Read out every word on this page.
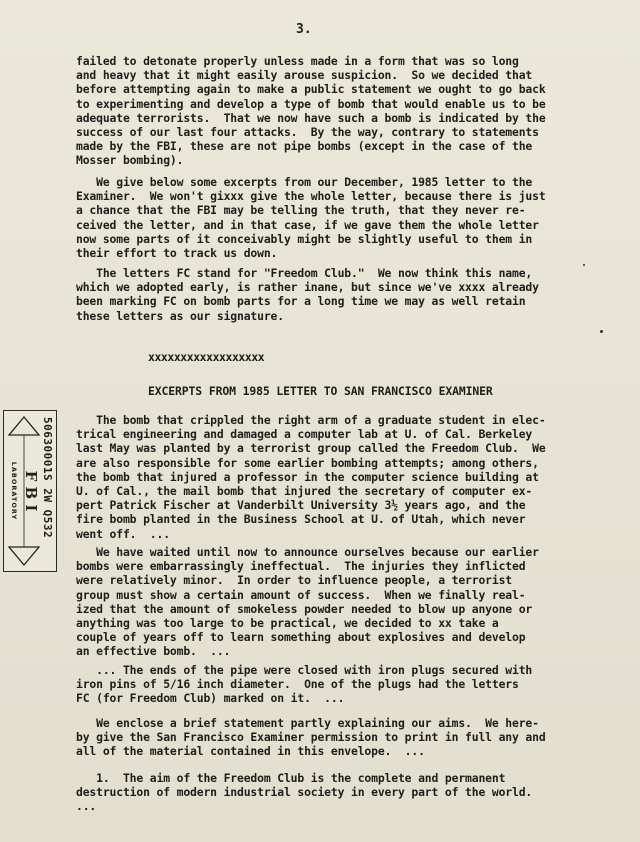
3.
failed to detonate properly unless made in a form that was so long
and heavy that it might easily arouse suspicion.  So we decided that
before attempting again to make a public statement we ought to go back
to experimenting and develop a type of bomb that would enable us to be
adequate terrorists.  That we now have such a bomb is indicated by the
success of our last four attacks.  By the way, contrary to statements
made by the FBI, these are not pipe bombs (except in the case of the
Mosser bombing).
We give below some excerpts from our December, 1985 letter to the
Examiner.  We won't gixxx give the whole letter, because there is just
a chance that the FBI may be telling the truth, that they never re-
ceived the letter, and in that case, if we gave them the whole letter
now some parts of it conceivably might be slightly useful to them in
their effort to track us down.
The letters FC stand for "Freedom Club."  We now think this name,
which we adopted early, is rather inane, but since we've xxxx already
been marking FC on bomb parts for a long time we may as well retain
these letters as our signature.
xxxxxxxxxxxxxxxxxx
EXCERPTS FROM 1985 LETTER TO SAN FRANCISCO EXAMINER
The bomb that crippled the right arm of a graduate student in elec-
trical engineering and damaged a computer lab at U. of Cal. Berkeley
last May was planted by a terrorist group called the Freedom Club.  We
are also responsible for some earlier bombing attempts; among others,
the bomb that injured a professor in the computer science building at
U. of Cal., the mail bomb that injured the secretary of computer ex-
pert Patrick Fischer at Vanderbilt University 3½ years ago, and the
fire bomb planted in the Business School at U. of Utah, which never
went off.  ...
We have waited until now to announce ourselves because our earlier
bombs were embarrassingly ineffectual.  The injuries they inflicted
were relatively minor.  In order to influence people, a terrorist
group must show a certain amount of success.  When we finally real-
ized that the amount of smokeless powder needed to blow up anyone or
anything was too large to be practical, we decided to xx take a
couple of years off to learn something about explosives and develop
an effective bomb.  ...
... The ends of the pipe were closed with iron plugs secured with
iron pins of 5/16 inch diameter.  One of the plugs had the letters
FC (for Freedom Club) marked on it.  ...
We enclose a brief statement partly explaining our aims.  We here-
by give the San Francisco Examiner permission to print in full any and
all of the material contained in this envelope.  ...
1.  The aim of the Freedom Club is the complete and permanent
destruction of modern industrial society in every part of the world.
...
50630001S 2W Q532
F B I
LABORATORY
